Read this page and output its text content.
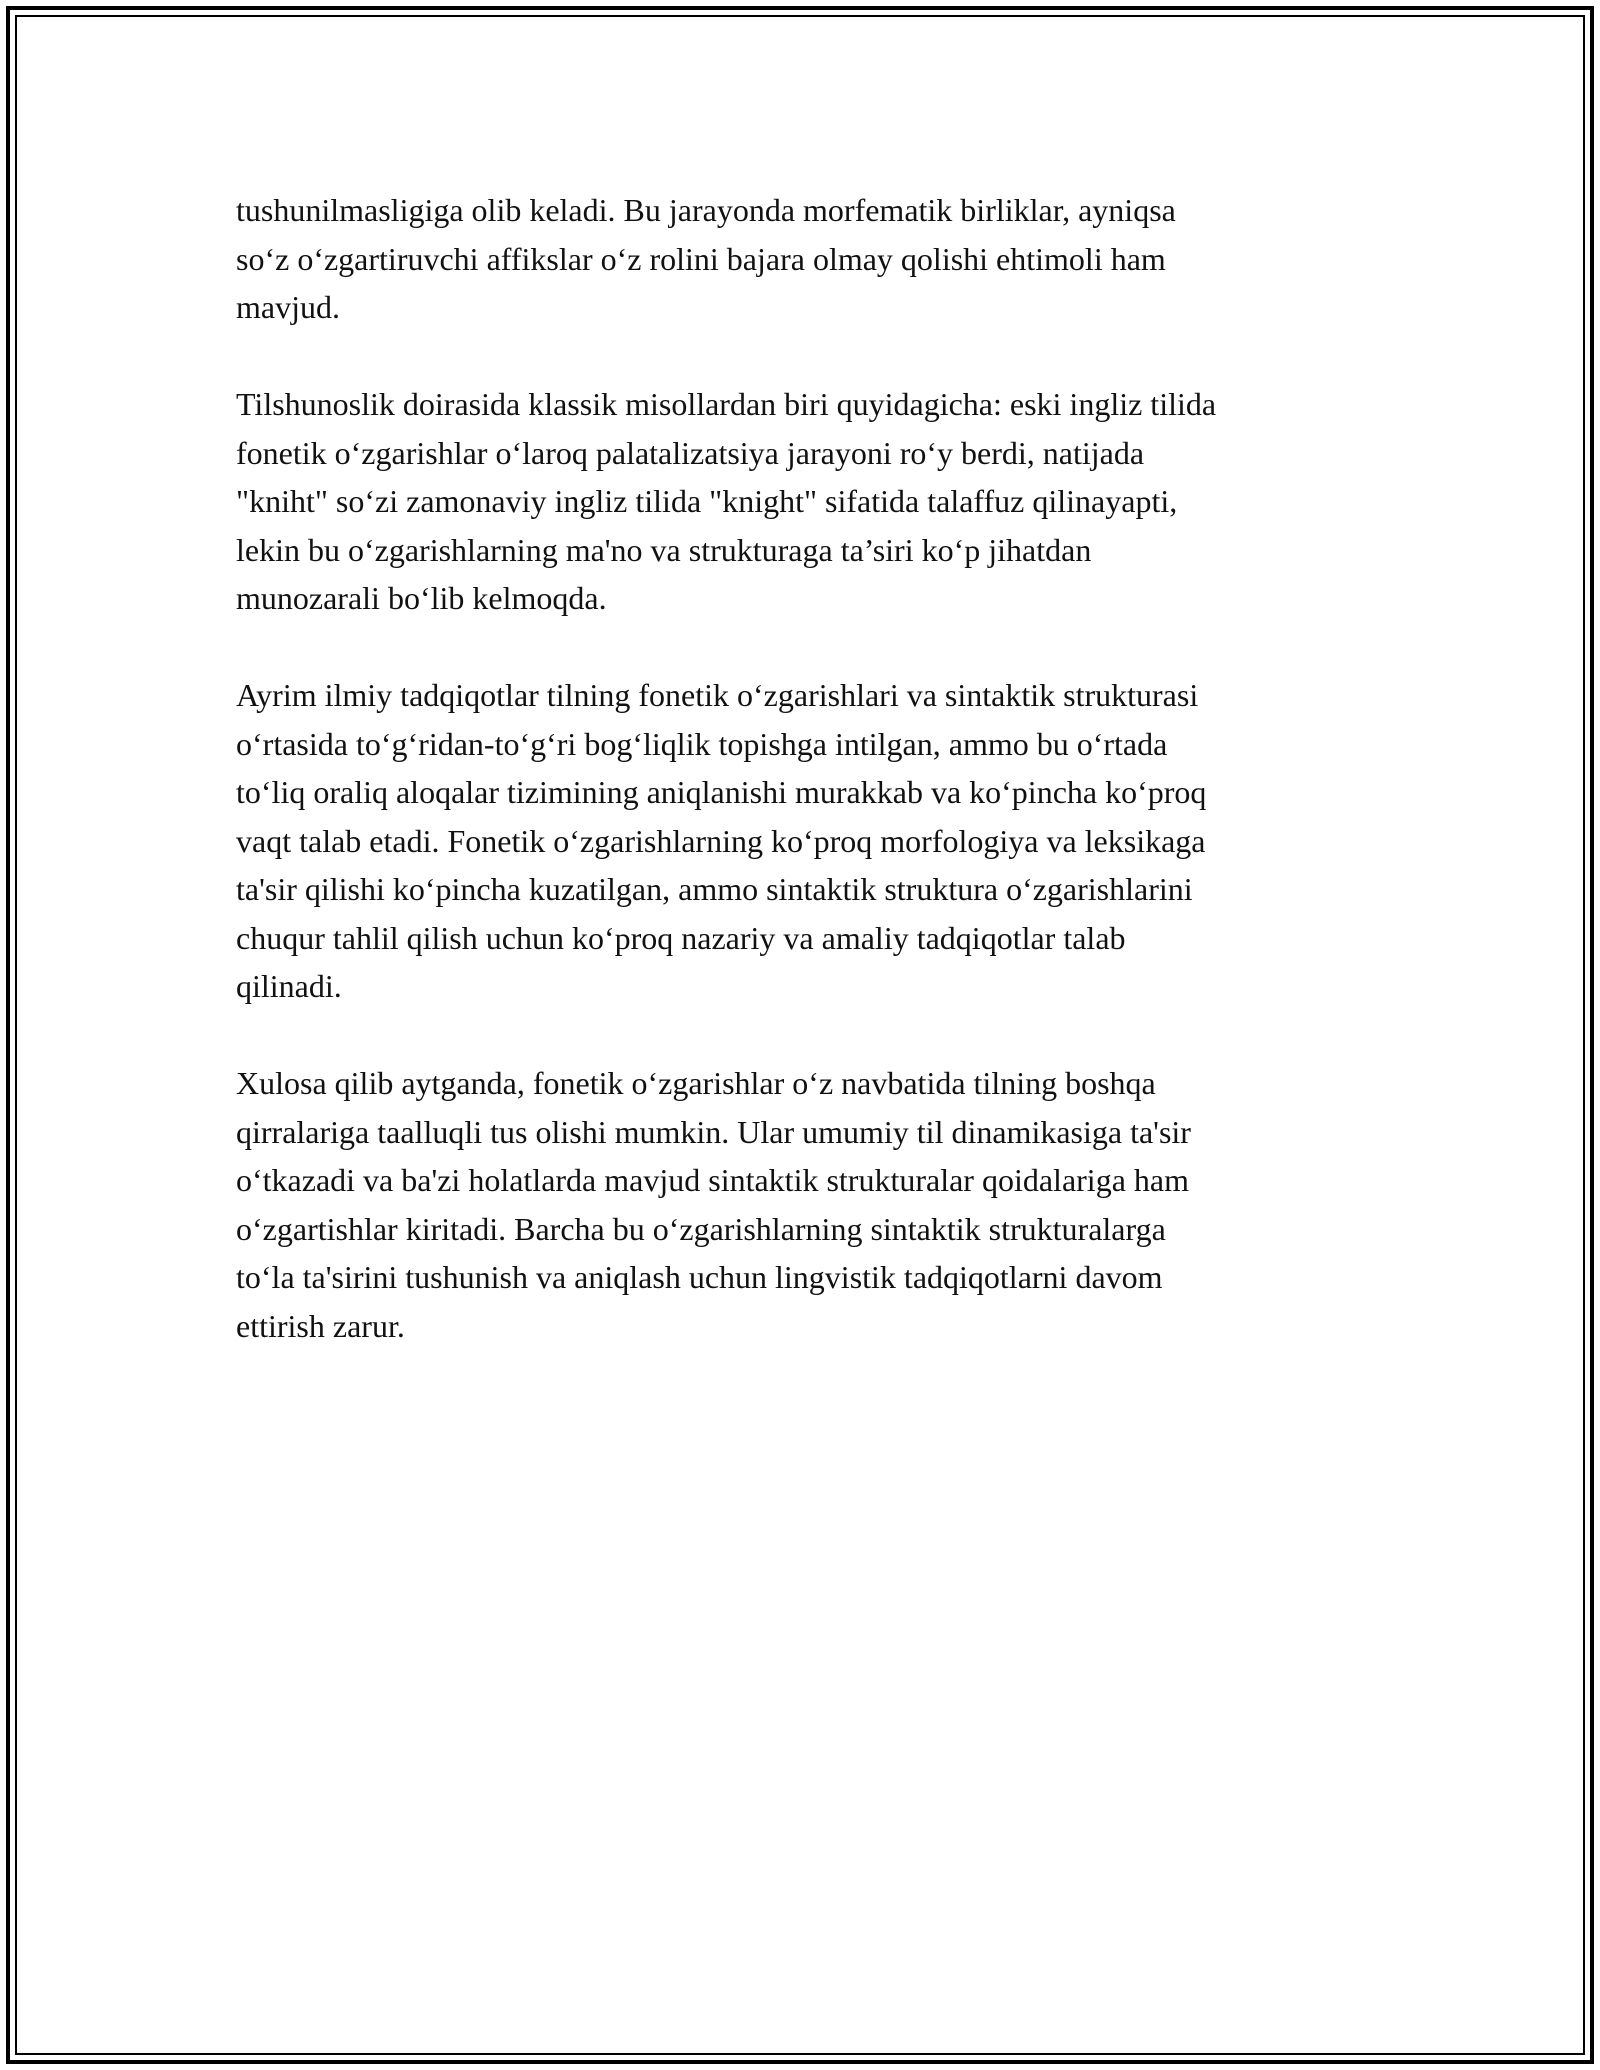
tushunilmasligiga olib keladi. Bu jarayonda morfematik birliklar, ayniqsa
so‘z o‘zgartiruvchi affikslar o‘z rolini bajara olmay qolishi ehtimoli ham
mavjud.

Tilshunoslik doirasida klassik misollardan biri quyidagicha: eski ingliz tilida
fonetik o‘zgarishlar o‘laroq palatalizatsiya jarayoni ro‘y berdi, natijada
"kniht" so‘zi zamonaviy ingliz tilida "knight" sifatida talaffuz qilinayapti,
lekin bu o‘zgarishlarning ma'no va strukturaga ta’siri ko‘p jihatdan
munozarali bo‘lib kelmoqda.

Ayrim ilmiy tadqiqotlar tilning fonetik o‘zgarishlari va sintaktik strukturasi
o‘rtasida to‘g‘ridan-to‘g‘ri bog‘liqlik topishga intilgan, ammo bu o‘rtada
to‘liq oraliq aloqalar tizimining aniqlanishi murakkab va ko‘pincha ko‘proq
vaqt talab etadi. Fonetik o‘zgarishlarning ko‘proq morfologiya va leksikaga
ta'sir qilishi ko‘pincha kuzatilgan, ammo sintaktik struktura o‘zgarishlarini
chuqur tahlil qilish uchun ko‘proq nazariy va amaliy tadqiqotlar talab
qilinadi.

Xulosa qilib aytganda, fonetik o‘zgarishlar o‘z navbatida tilning boshqa
qirralariga taalluqli tus olishi mumkin. Ular umumiy til dinamikasiga ta'sir
o‘tkazadi va ba'zi holatlarda mavjud sintaktik strukturalar qoidalariga ham
o‘zgartishlar kiritadi. Barcha bu o‘zgarishlarning sintaktik strukturalarga
to‘la ta'sirini tushunish va aniqlash uchun lingvistik tadqiqotlarni davom
ettirish zarur.
